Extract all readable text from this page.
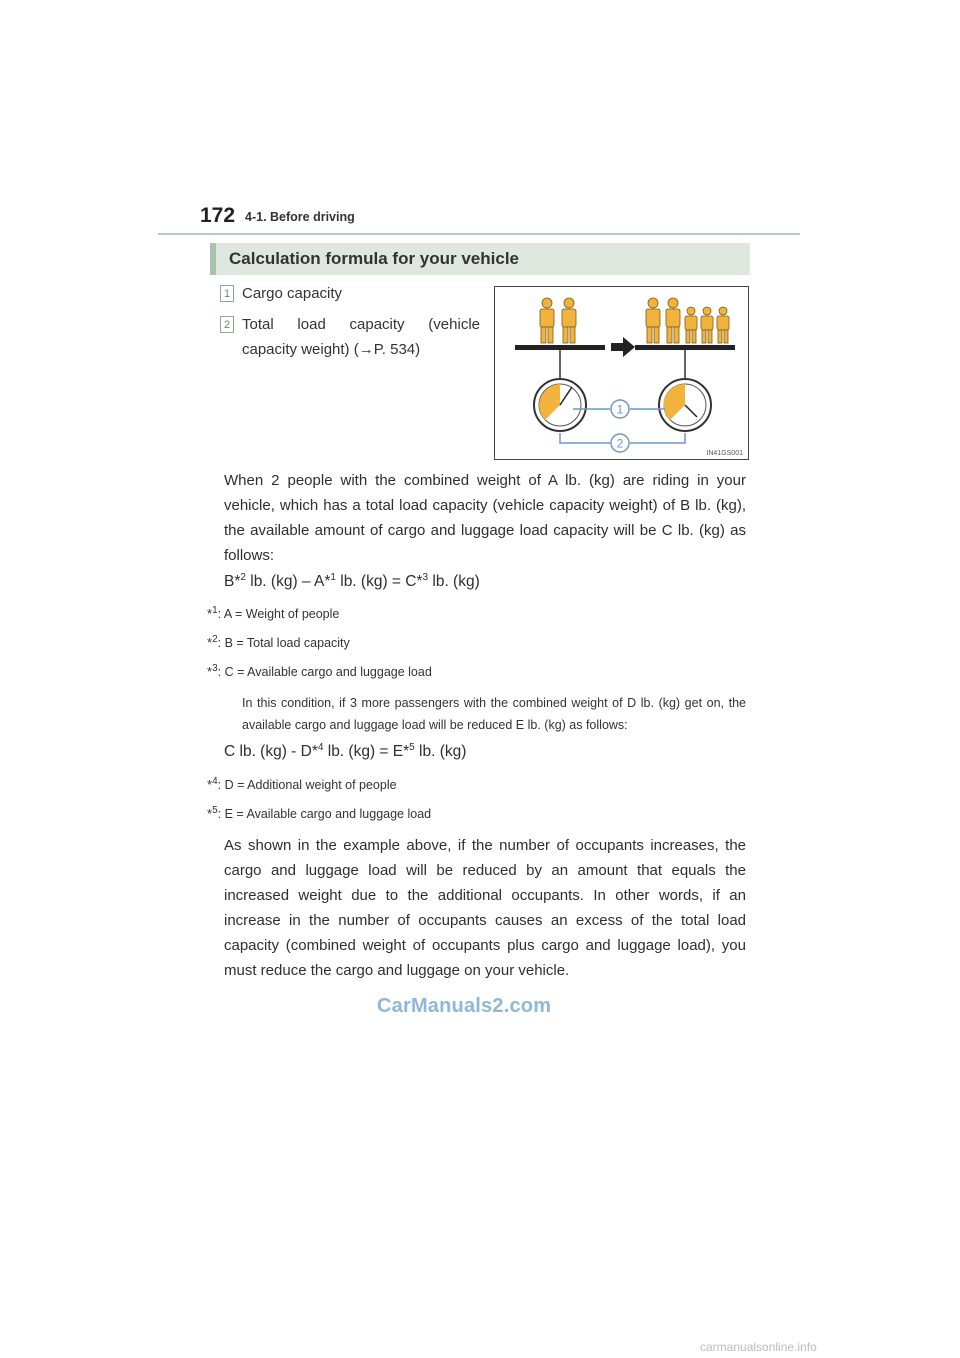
172 4-1. Before driving
Calculation formula for your vehicle
1 Cargo capacity
2 Total load capacity (vehicle
capacity weight) (→P. 534)
1
2
IN41GS001
When 2 people with the combined weight of A lb. (kg) are riding in your vehicle, which has a total load capacity (vehicle capacity weight) of B lb. (kg), the available amount of cargo and luggage load capacity will be C lb. (kg) as follows:
B*$^2$ lb. (kg) – A*$^1$ lb. (kg) = C*$^3$ lb. (kg)
*$^1$: A = Weight of people
*$^2$: B = Total load capacity
*$^3$: C = Available cargo and luggage load
In this condition, if 3 more passengers with the combined weight of D lb. (kg) get on, the available cargo and luggage load will be reduced E lb. (kg) as follows:
C lb. (kg) - D*$^4$ lb. (kg) = E*$^5$ lb. (kg)
*$^4$: D = Additional weight of people
*$^5$: E = Available cargo and luggage load
As shown in the example above, if the number of occupants increases, the cargo and luggage load will be reduced by an amount that equals the increased weight due to the additional occupants. In other words, if an increase in the number of occupants causes an excess of the total load capacity (combined weight of occupants plus cargo and luggage load), you must reduce the cargo and luggage on your vehicle.
CarManuals2.com
carmanualsonline.info
